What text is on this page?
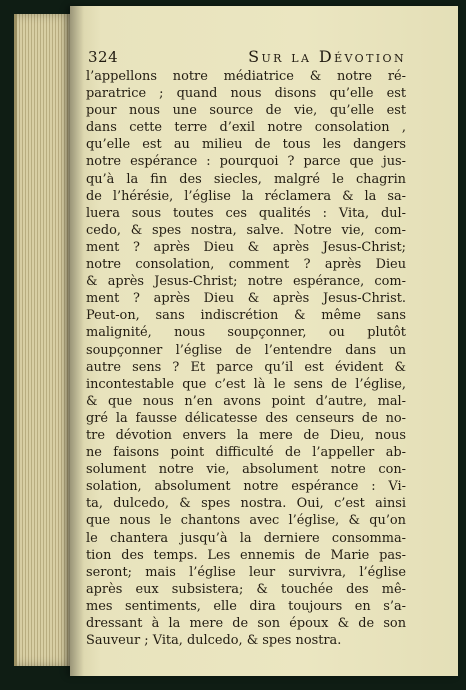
324	Sur la Dévotion
l’appellons notre médiatrice & notre ré-
paratrice ; quand nous disons qu’elle est
pour nous une source de vie, qu’elle est
dans cette terre d’exil notre consolation ,
qu’elle est au milieu de tous les dangers
notre espérance : pourquoi ? parce que jus-
qu’à la fin des siecles, malgré le chagrin
de l’hérésie, l’église la réclamera & la sa-
luera sous toutes ces qualités : Vita, dul-
cedo, & spes nostra, salve. Notre vie, com-
ment ? après Dieu & après Jesus-Christ;
notre consolation, comment ? après Dieu
& après Jesus-Christ; notre espérance, com-
ment ? après Dieu & après Jesus-Christ.
Peut-on, sans indiscrétion & même sans
malignité, nous soupçonner, ou plutôt
soupçonner l’église de l’entendre dans un
autre sens ? Et parce qu’il est évident &
incontestable que c’est là le sens de l’église,
& que nous n’en avons point d’autre, mal-
gré la fausse délicatesse des censeurs de no-
tre dévotion envers la mere de Dieu, nous
ne faisons point difficulté de l’appeller ab-
solument notre vie, absolument notre con-
solation, absolument notre espérance : Vi-
ta, dulcedo, & spes nostra. Oui, c’est ainsi
que nous le chantons avec l’église, & qu’on
le chantera jusqu’à la derniere consomma-
tion des temps. Les ennemis de Marie pas-
seront; mais l’église leur survivra, l’église
après eux subsistera; & touchée des mê-
mes sentiments, elle dira toujours en s’a-
dressant à la mere de son époux & de son
Sauveur ; Vita, dulcedo, & spes nostra.
